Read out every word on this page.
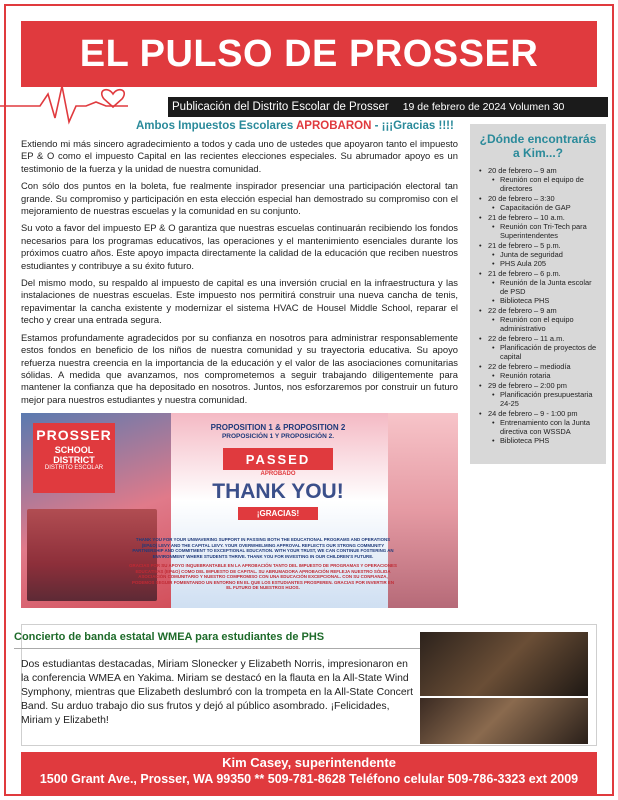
EL PULSO DE PROSSER
Publicación del Distrito Escolar de Prosser 19 de febrero de 2024 Volumen 30
Ambos Impuestos Escolares APROBARON - ¡¡¡Gracias !!!!

Extiendo mi más sincero agradecimiento a todos y cada uno de ustedes que apoyaron tanto el impuesto EP & O como el impuesto Capital en las recientes elecciones especiales. Su abrumador apoyo es un testimonio de la fuerza y la unidad de nuestra comunidad.

Con sólo dos puntos en la boleta, fue realmente inspirador presenciar una participación electoral tan grande. Su compromiso y participación en esta elección especial han demostrado su compromiso con el mejoramiento de nuestras escuelas y la comunidad en su conjunto.

Su voto a favor del impuesto EP & O garantiza que nuestras escuelas continuarán recibiendo los fondos necesarios para los programas educativos, las operaciones y el mantenimiento esenciales durante los próximos cuatro años. Este apoyo impacta directamente la calidad de la educación que reciben nuestros estudiantes y contribuye a su éxito futuro.

Del mismo modo, su respaldo al impuesto de capital es una inversión crucial en la infraestructura y las instalaciones de nuestras escuelas. Este impuesto nos permitirá construir una nueva cancha de tenis, repavimentar la cancha existente y modernizar el sistema HVAC de Housel Middle School, reparar el techo y crear una entrada segura.

Estamos profundamente agradecidos por su confianza en nosotros para administrar responsablemente estos fondos en beneficio de los niños de nuestra comunidad y su trayectoria educativa. Su apoyo refuerza nuestra creencia en la importancia de la educación y el valor de las asociaciones comunitarias sólidas. A medida que avanzamos, nos comprometemos a seguir trabajando diligentemente para mantener la confianza que ha depositado en nosotros. Juntos, nos esforzaremos por construir un futuro mejor para nuestros estudiantes y nuestra comunidad.

¿Dónde encontrarás a Kim...?
• 20 de febrero – 9 am
• Reunión con el equipo de directores
• 20 de febrero – 3:30
• Capacitación de GAP
• 21 de febrero – 10 a.m.
• Reunión con Tri-Tech para Superintendentes
• 21 de febrero – 5 p.m.
• Junta de seguridad
• PHS Aula 205
• 21 de febrero – 6 p.m.
• Reunión de la Junta escolar de PSD
• Biblioteca PHS
• 22 de febrero – 9 am
• Reunión con el equipo administrativo
• 22 de febrero – 11 a.m.
• Planificación de proyectos de capital
• 22 de febrero – mediodía
• Reunión rotaria
• 29 de febrero – 2:00 pm
• Planificación presupuestaria 24-25
• 24 de febrero – 9 - 1:00 pm
• Entrenamiento con la Junta directiva con WSSDA
• Biblioteca PHS
PROSSER
SCHOOL DISTRICT
DISTRITO ESCOLAR
PROPOSITION 1 & PROPOSITION 2
PROPOSICIÓN 1 Y PROPOSICIÓN 2.
PASSED
APROBADO
THANK YOU!
¡GRACIAS!
THANK YOU FOR YOUR UNWAVERING SUPPORT IN PASSING BOTH THE EDUCATIONAL PROGRAMS AND OPERATIONS (EP&O) LEVY AND THE CAPITAL LEVY. YOUR OVERWHELMING APPROVAL REFLECTS OUR STRONG COMMUNITY PARTNERSHIP AND COMMITMENT TO EXCEPTIONAL EDUCATION. WITH YOUR TRUST, WE CAN CONTINUE FOSTERING AN ENVIRONMENT WHERE STUDENTS THRIVE. THANK YOU FOR INVESTING IN OUR CHILDREN'S FUTURE.
GRACIAS POR SU APOYO INQUEBRANTABLE EN LA APROBACIÓN TANTO DEL IMPUESTO DE PROGRAMAS Y OPERACIONES EDUCATIVAS (EP&O) COMO DEL IMPUESTO DE CAPITAL. SU ABRUMADORA APROBACIÓN REFLEJA NUESTRO SÓLIDA ASOCIACIÓN COMUNITARIO Y NUESTRO COMPROMISO CON UNA EDUCACIÓN EXCEPCIONAL. CON SU CONFIANZA, PODEMOS SEGUIR FOMENTANDO UN ENTORNO EN EL QUE LOS ESTUDIANTES PROSPEREN. GRACIAS POR INVERTIR EN EL FUTURO DE NUESTROS HIJOS.
Concierto de banda estatal WMEA para estudiantes de PHS
Dos estudiantas destacadas, Miriam Slonecker y Elizabeth Norris, impresionaron en la conferencia WMEA en Yakima. Miriam se destacó en la flauta en la All-State Wind Symphony, mientras que Elizabeth deslumbró con la trompeta en la All-State Concert Band. Su arduo trabajo dio sus frutos y dejó al público asombrado. ¡Felicidades, Miriam y Elizabeth!
Kim Casey, superintendente
1500 Grant Ave., Prosser, WA 99350 ** 509-781-8628 Teléfono celular 509-786-3323 ext 2009
